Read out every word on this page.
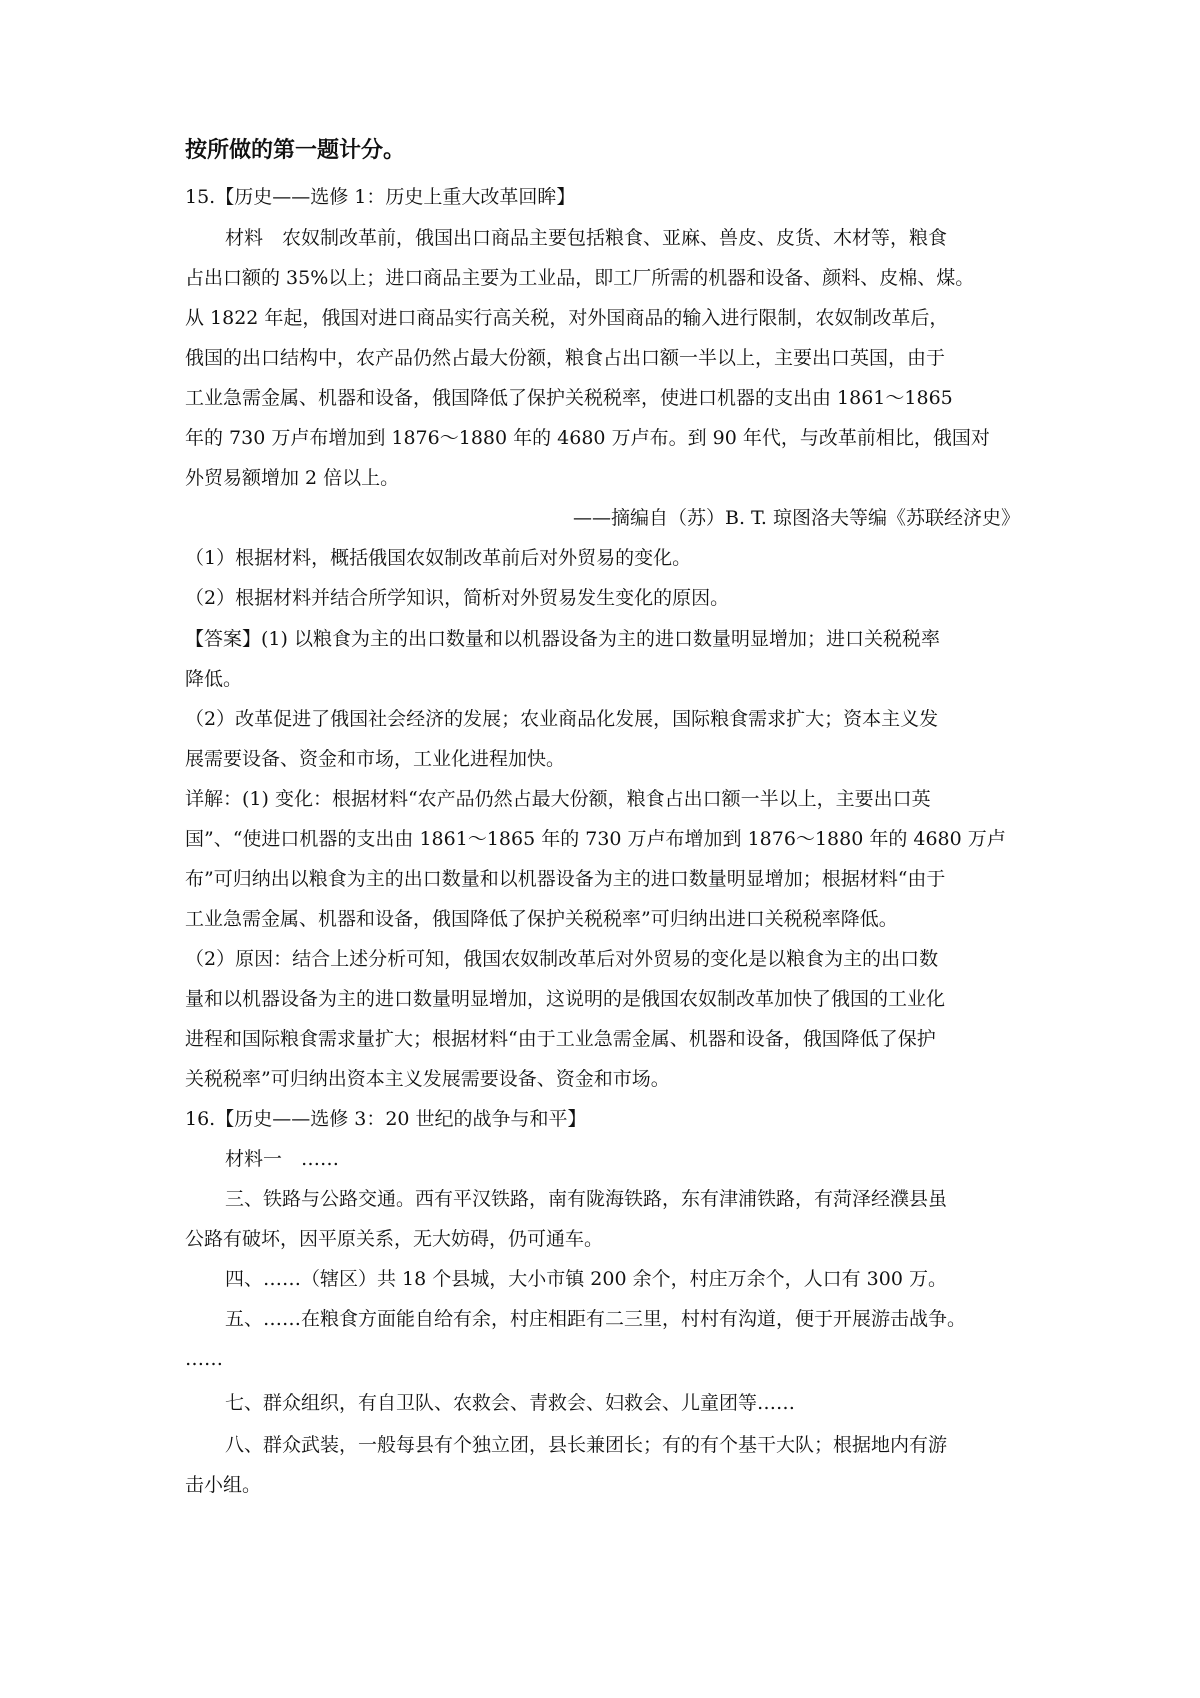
按所做的第一题计分。
15.【历史——选修 1：历史上重大改革回眸】
材料　农奴制改革前，俄国出口商品主要包括粮食、亚麻、兽皮、皮货、木材等，粮食
占出口额的 35%以上；进口商品主要为工业品，即工厂所需的机器和设备、颜料、皮棉、煤。
从 1822 年起，俄国对进口商品实行高关税，对外国商品的输入进行限制，农奴制改革后，
俄国的出口结构中，农产品仍然占最大份额，粮食占出口额一半以上，主要出口英国，由于
工业急需金属、机器和设备，俄国降低了保护关税税率，使进口机器的支出由 1861～1865
年的 730 万卢布增加到 1876～1880 年的 4680 万卢布。到 90 年代，与改革前相比，俄国对
外贸易额增加 2 倍以上。
——摘编自（苏）B. T. 琼图洛夫等编《苏联经济史》
（1）根据材料，概括俄国农奴制改革前后对外贸易的变化。
（2）根据材料并结合所学知识，简析对外贸易发生变化的原因。
【答案】(1) 以粮食为主的出口数量和以机器设备为主的进口数量明显增加；进口关税税率
降低。
（2）改革促进了俄国社会经济的发展；农业商品化发展，国际粮食需求扩大；资本主义发
展需要设备、资金和市场，工业化进程加快。
详解：(1) 变化：根据材料“农产品仍然占最大份额，粮食占出口额一半以上，主要出口英
国”、“使进口机器的支出由 1861～1865 年的 730 万卢布增加到 1876～1880 年的 4680 万卢
布”可归纳出以粮食为主的出口数量和以机器设备为主的进口数量明显增加；根据材料“由于
工业急需金属、机器和设备，俄国降低了保护关税税率”可归纳出进口关税税率降低。
（2）原因：结合上述分析可知，俄国农奴制改革后对外贸易的变化是以粮食为主的出口数
量和以机器设备为主的进口数量明显增加，这说明的是俄国农奴制改革加快了俄国的工业化
进程和国际粮食需求量扩大；根据材料“由于工业急需金属、机器和设备，俄国降低了保护
关税税率”可归纳出资本主义发展需要设备、资金和市场。
16.【历史——选修 3：20 世纪的战争与和平】
材料一　……
三、铁路与公路交通。西有平汉铁路，南有陇海铁路，东有津浦铁路，有菏泽经濮县虽
公路有破坏，因平原关系，无大妨碍，仍可通车。
四、……（辖区）共 18 个县城，大小市镇 200 余个，村庄万余个，人口有 300 万。
五、……在粮食方面能自给有余，村庄相距有二三里，村村有沟道，便于开展游击战争。
……
七、群众组织，有自卫队、农救会、青救会、妇救会、儿童团等……
八、群众武装，一般每县有个独立团，县长兼团长；有的有个基干大队；根据地内有游
击小组。
